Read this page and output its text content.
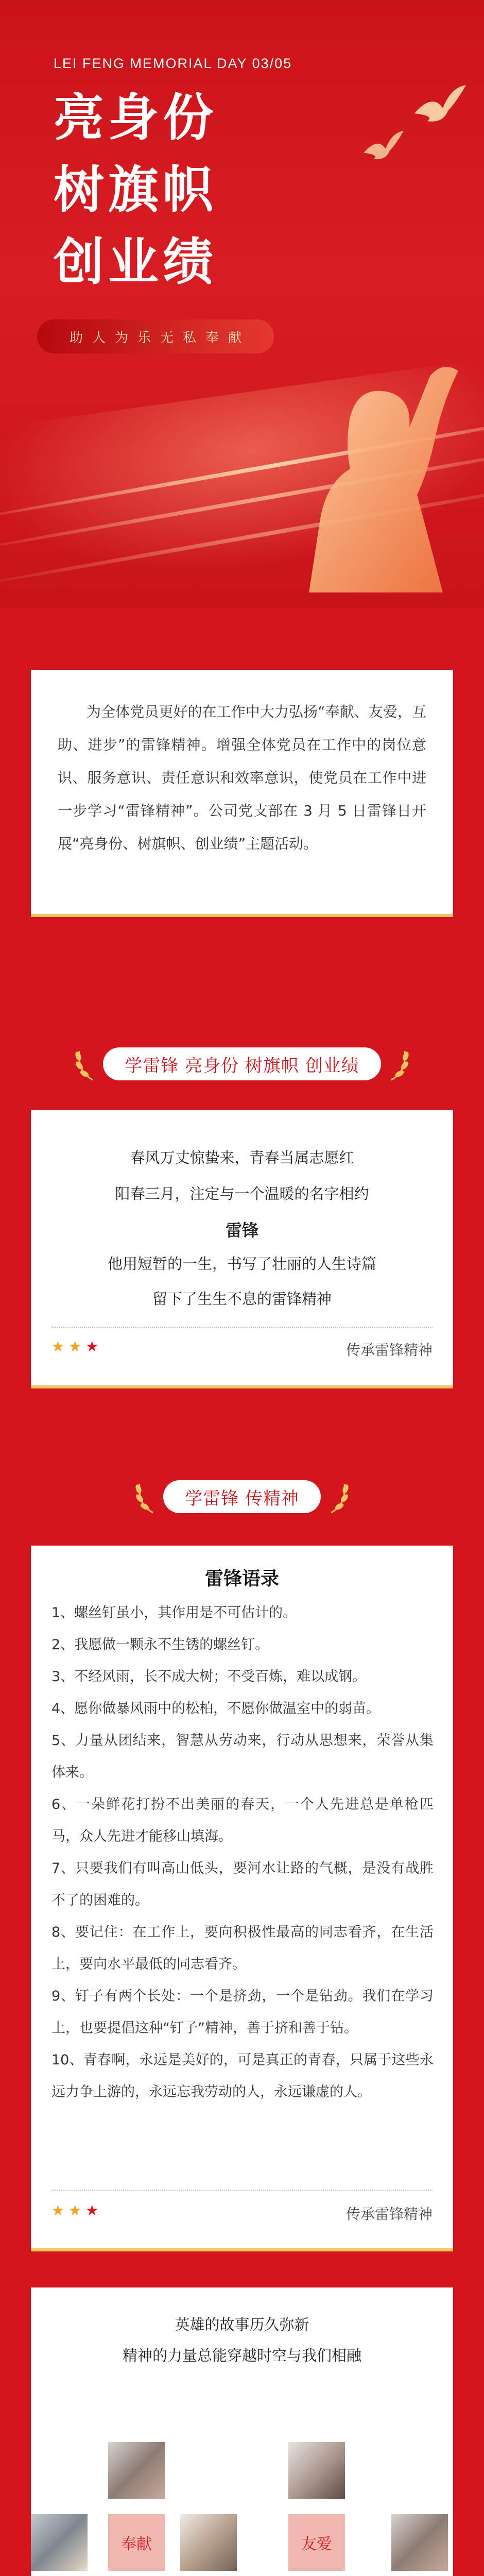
LEI FENG MEMORIAL DAY 03/05
亮身份
树旗帜
创业绩
助 人 为 乐 无 私 奉 献

为全体党员更好的在工作中大力弘扬“奉献、友爱，互助、进步”的雷锋精神。增强全体党员在工作中的岗位意识、服务意识、责任意识和效率意识，使党员在工作中进一步学习“雷锋精神”。公司党支部在 3 月 5 日雷锋日开展“亮身份、树旗帜、创业绩”主题活动。

学雷锋 亮身份 树旗帜 创业绩
春风万丈惊蛰来，青春当属志愿红
阳春三月，注定与一个温暖的名字相约
雷锋
他用短暂的一生，书写了壮丽的人生诗篇
留下了生生不息的雷锋精神
★★★	传承雷锋精神
学雷锋 传精神
雷锋语录
1、螺丝钉虽小，其作用是不可估计的。
2、我愿做一颗永不生锈的螺丝钉。
3、不经风雨，长不成大树；不受百炼，难以成钢。
4、愿你做暴风雨中的松柏，不愿你做温室中的弱苗。
5、力量从团结来，智慧从劳动来，行动从思想来，荣誉从集体来。
6、一朵鲜花打扮不出美丽的春天，一个人先进总是单枪匹马，众人先进才能移山填海。
7、只要我们有叫高山低头，要河水让路的气概，是没有战胜不了的困难的。
8、要记住：在工作上，要向积极性最高的同志看齐，在生活上，要向水平最低的同志看齐。
9、钉子有两个长处：一个是挤劲，一个是钻劲。我们在学习上，也要提倡这种“钉子”精神，善于挤和善于钻。
10、青春啊，永远是美好的，可是真正的青春，只属于这些永远力争上游的，永远忘我劳动的人，永远谦虚的人。
★★★	传承雷锋精神
英雄的故事历久弥新
精神的力量总能穿越时空与我们相融
奉献	友爱
